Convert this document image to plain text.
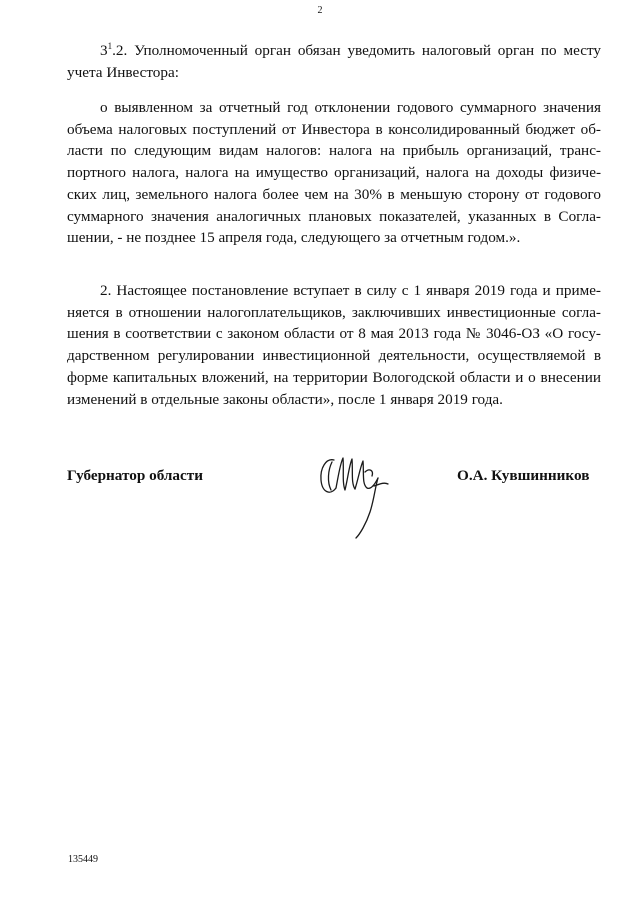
2
$3^1.2$. Уполномоченный орган обязан уведомить налоговый орган по месту
учета Инвестора:
о выявленном за отчетный год отклонении годового суммарного значения
объема налоговых поступлений от Инвестора в консолидированный бюджет об-
ласти по следующим видам налогов: налога на прибыль организаций, транс-
портного налога, налога на имущество организаций, налога на доходы физиче-
ских лиц, земельного налога более чем на 30% в меньшую сторону от годового
суммарного значения аналогичных плановых показателей, указанных в Согла-
шении, - не позднее 15 апреля года, следующего за отчетным годом.».
2. Настоящее постановление вступает в силу с 1 января 2019 года и приме-
няется в отношении налогоплательщиков, заключивших инвестиционные согла-
шения в соответствии с законом области от 8 мая 2013 года № 3046-ОЗ «О госу-
дарственном регулировании инвестиционной деятельности, осуществляемой в
форме капитальных вложений, на территории Вологодской области и о внесении
изменений в отдельные законы области», после 1 января 2019 года.
Губернатор области	О.А. Кувшинников
135449
